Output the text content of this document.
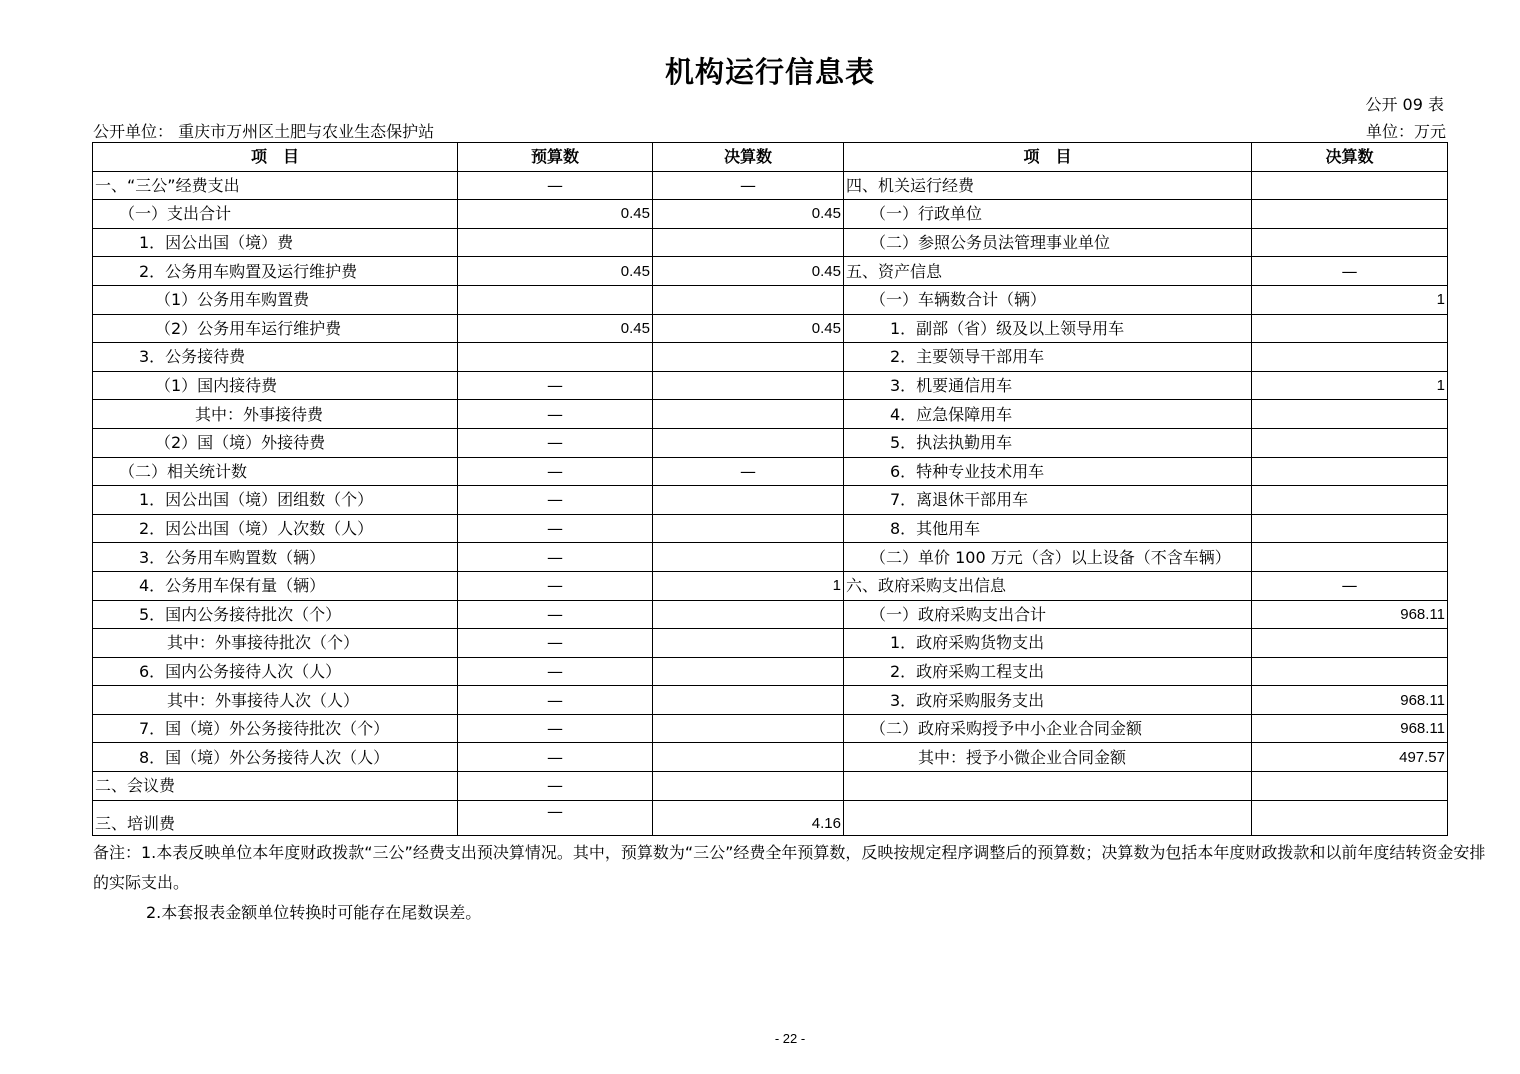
机构运行信息表
公开 09 表
公开单位： 重庆市万州区土肥与农业生态保护站	单位：万元
项　目	预算数	决算数	项　目	决算数
一、“三公”经费支出	—	—	四、机关运行经费	
（一）支出合计	0.45	0.45	（一）行政单位	
1．因公出国（境）费			（二）参照公务员法管理事业单位	
2．公务用车购置及运行维护费	0.45	0.45	五、资产信息	—
（1）公务用车购置费			（一）车辆数合计（辆）	1
（2）公务用车运行维护费	0.45	0.45	1．副部（省）级及以上领导用车	
3．公务接待费			2．主要领导干部用车	
（1）国内接待费	—		3．机要通信用车	1
其中：外事接待费	—		4．应急保障用车	
（2）国（境）外接待费	—		5．执法执勤用车	
（二）相关统计数	—	—	6．特种专业技术用车	
1．因公出国（境）团组数（个）	—		7．离退休干部用车	
2．因公出国（境）人次数（人）	—		8．其他用车	
3．公务用车购置数（辆）	—		（二）单价 100 万元（含）以上设备（不含车辆）	
4．公务用车保有量（辆）	—	1	六、政府采购支出信息	—
5．国内公务接待批次（个）	—		（一）政府采购支出合计	968.11
其中：外事接待批次（个）	—		1．政府采购货物支出	
6．国内公务接待人次（人）	—		2．政府采购工程支出	
其中：外事接待人次（人）	—		3．政府采购服务支出	968.11
7．国（境）外公务接待批次（个）	—		（二）政府采购授予中小企业合同金额	968.11
8．国（境）外公务接待人次（人）	—		其中：授予小微企业合同金额	497.57
二、会议费	—			
三、培训费	—	4.16		

备注：1.本表反映单位本年度财政拨款“三公”经费支出预决算情况。其中，预算数为“三公”经费全年预算数，反映按规定程序调整后的预算数；决算数为包括本年度财政拨款和以前年度结转资金安排的实际支出。

2.本套报表金额单位转换时可能存在尾数误差。

- 22 -
